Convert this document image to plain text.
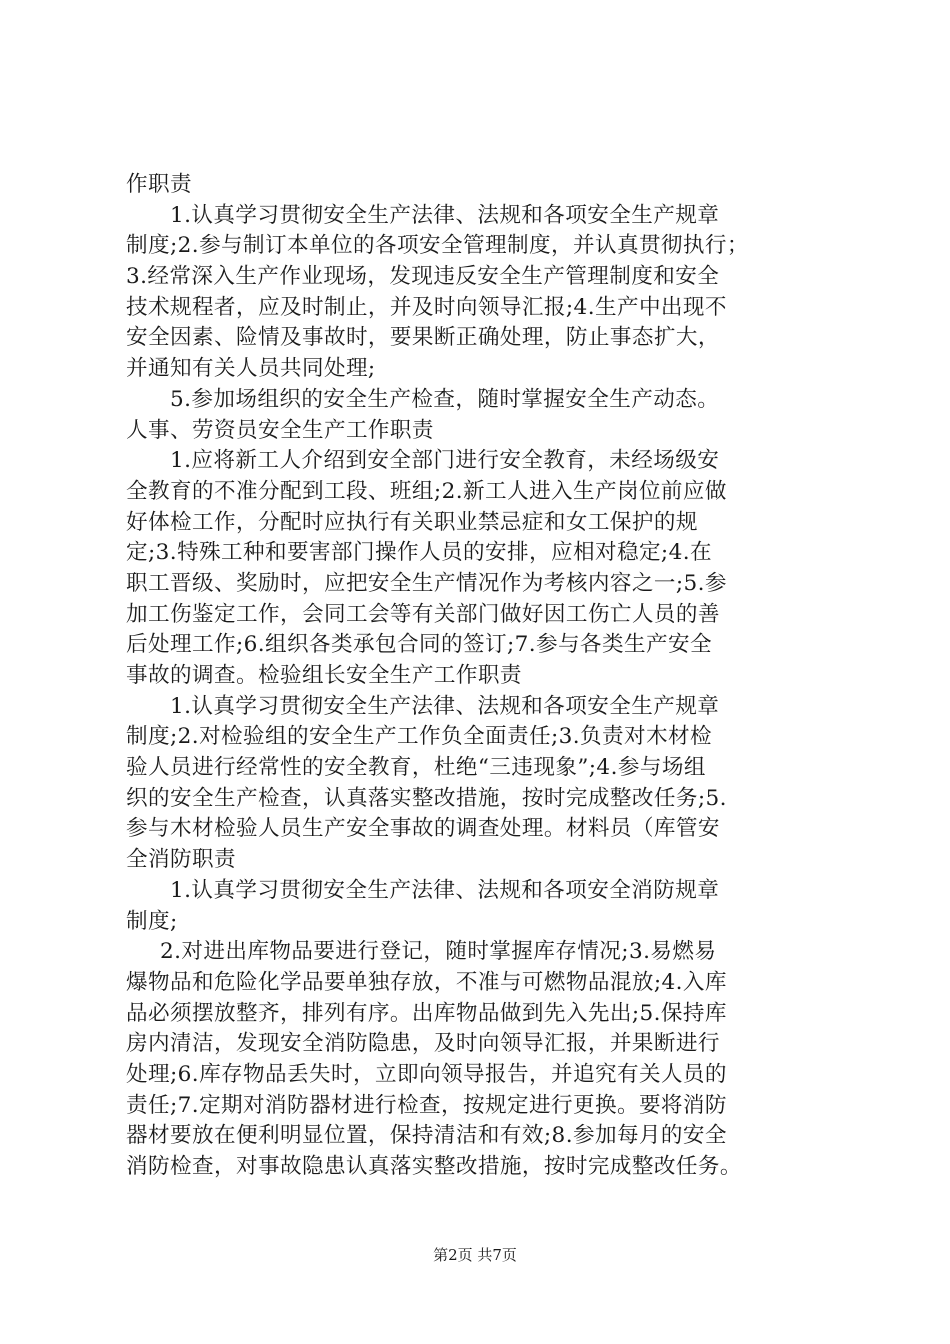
作职责
1.认真学习贯彻安全生产法律、法规和各项安全生产规章
制度;2.参与制订本单位的各项安全管理制度，并认真贯彻执行；
3.经常深入生产作业现场，发现违反安全生产管理制度和安全
技术规程者，应及时制止，并及时向领导汇报;4.生产中出现不
安全因素、险情及事故时，要果断正确处理，防止事态扩大，
并通知有关人员共同处理;
5.参加场组织的安全生产检查，随时掌握安全生产动态。
人事、劳资员安全生产工作职责
1.应将新工人介绍到安全部门进行安全教育，未经场级安
全教育的不准分配到工段、班组;2.新工人进入生产岗位前应做
好体检工作，分配时应执行有关职业禁忌症和女工保护的规
定;3.特殊工种和要害部门操作人员的安排，应相对稳定;4.在
职工晋级、奖励时，应把安全生产情况作为考核内容之一;5.参
加工伤鉴定工作，会同工会等有关部门做好因工伤亡人员的善
后处理工作;6.组织各类承包合同的签订;7.参与各类生产安全
事故的调查。检验组长安全生产工作职责
1.认真学习贯彻安全生产法律、法规和各项安全生产规章
制度;2.对检验组的安全生产工作负全面责任;3.负责对木材检
验人员进行经常性的安全教育，杜绝“三违现象”;4.参与场组
织的安全生产检查，认真落实整改措施，按时完成整改任务;5.
参与木材检验人员生产安全事故的调查处理。材料员（库管安
全消防职责
1.认真学习贯彻安全生产法律、法规和各项安全消防规章
制度;
2.对进出库物品要进行登记，随时掌握库存情况;3.易燃易
爆物品和危险化学品要单独存放，不准与可燃物品混放;4.入库
品必须摆放整齐，排列有序。出库物品做到先入先出;5.保持库
房内清洁，发现安全消防隐患，及时向领导汇报，并果断进行
处理;6.库存物品丢失时，立即向领导报告，并追究有关人员的
责任;7.定期对消防器材进行检查，按规定进行更换。要将消防
器材要放在便利明显位置，保持清洁和有效;8.参加每月的安全
消防检查，对事故隐患认真落实整改措施，按时完成整改任务。
第2页 共7页
